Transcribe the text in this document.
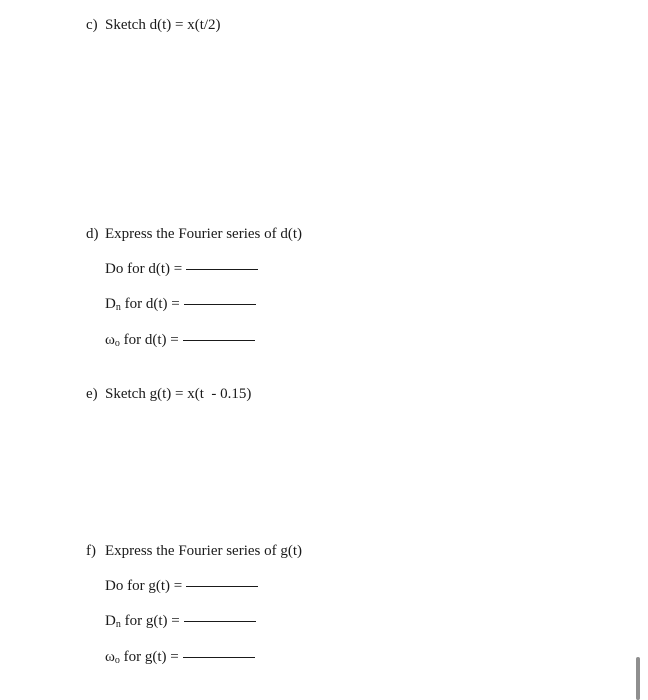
c) Sketch d(t) = x(t/2)
d) Express the Fourier series of d(t)
Do for d(t) =
$D_n$ for d(t) =
$\omega_o$ for d(t) =
e) Sketch g(t) = x(t  - 0.15)
f) Express the Fourier series of g(t)
Do for g(t) =
$D_n$ for g(t) =
$\omega_o$ for g(t) =
